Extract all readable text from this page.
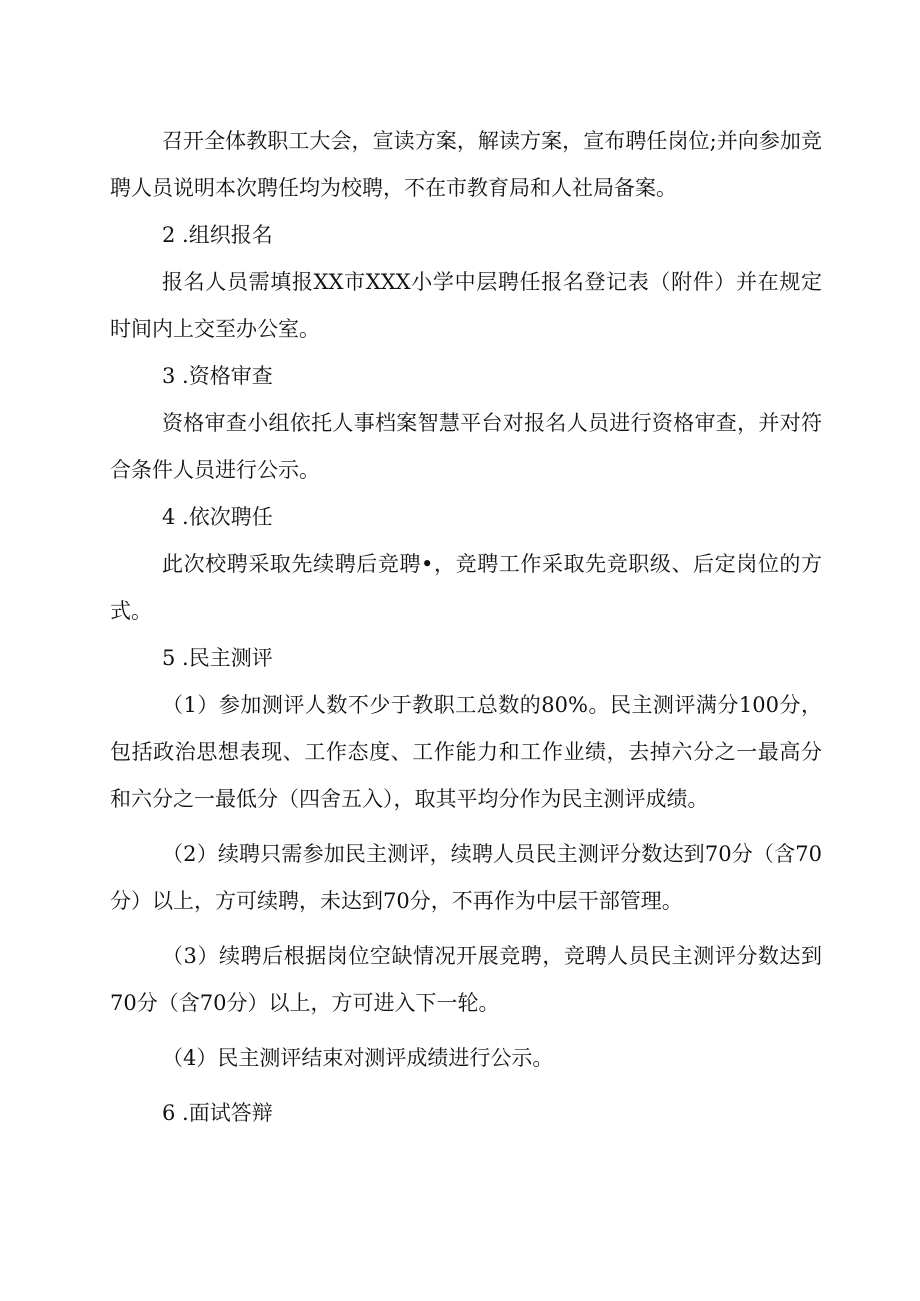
召开全体教职工大会，宣读方案，解读方案，宣布聘任岗位;并向参加竞聘人员说明本次聘任均为校聘，不在市教育局和人社局备案。

2 .组织报名

报名人员需填报XX市XXX小学中层聘任报名登记表（附件）并在规定时间内上交至办公室。

3 .资格审查

资格审查小组依托人事档案智慧平台对报名人员进行资格审查，并对符合条件人员进行公示。

4 .依次聘任

此次校聘采取先续聘后竞聘•，竞聘工作采取先竞职级、后定岗位的方式。

5 .民主测评

（1）参加测评人数不少于教职工总数的80%。民主测评满分100分，包括政治思想表现、工作态度、工作能力和工作业绩，去掉六分之一最高分和六分之一最低分（四舍五入），取其平均分作为民主测评成绩。

（2）续聘只需参加民主测评，续聘人员民主测评分数达到70分（含70分）以上，方可续聘，未达到70分，不再作为中层干部管理。

（3）续聘后根据岗位空缺情况开展竞聘，竞聘人员民主测评分数达到70分（含70分）以上，方可进入下一轮。

（4）民主测评结束对测评成绩进行公示。

6 .面试答辩
